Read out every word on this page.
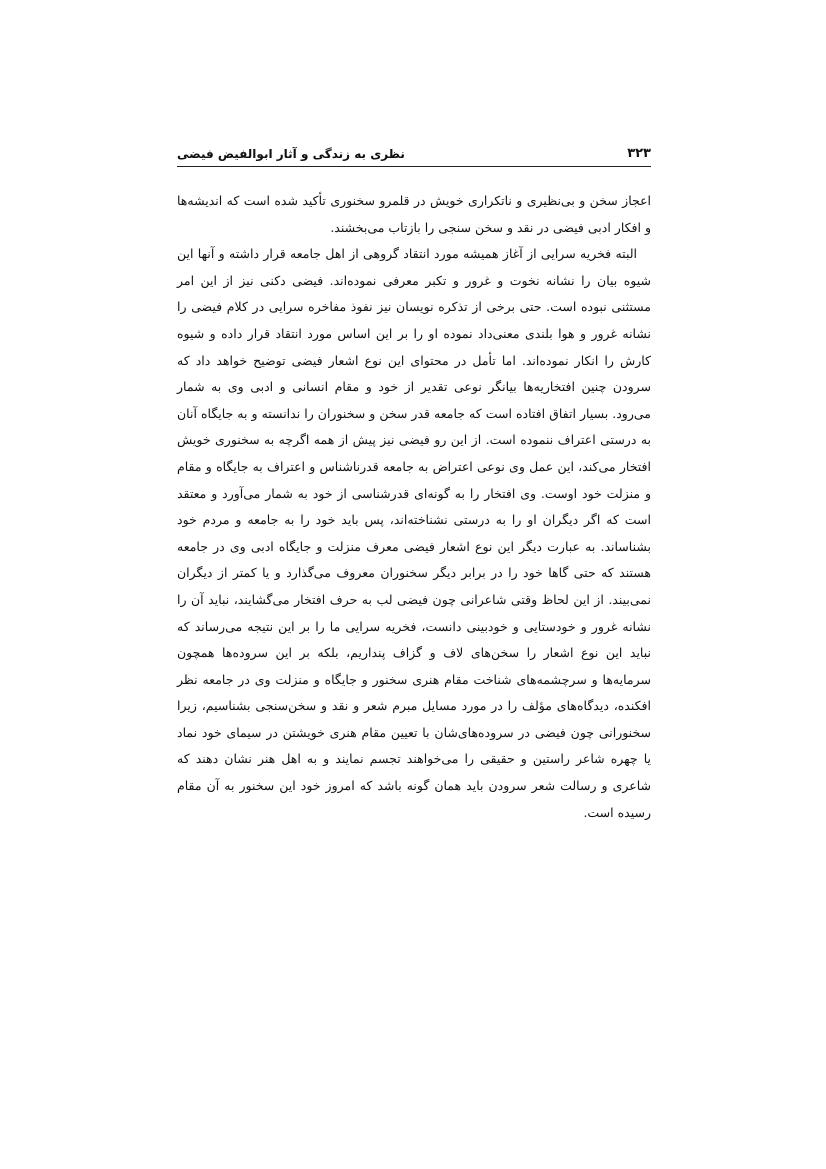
۳۲۳
نظری به زندگی و آثار ابوالفیض فیضی

اعجاز سخن و بی‌نظیری و ناتکراری خویش در قلمرو سخنوری تأکید شده است که اندیشه‌ها و افکار ادبی فیضی در نقد و سخن سنجی را بازتاب می‌بخشند.

البته فخریه سرایی از آغاز همیشه مورد انتقاد گروهی از اهل جامعه قرار داشته و آنها این شیوه بیان را نشانه نخوت و غرور و تکبر معرفی نموده‌اند. فیضی دکنی نیز از این امر مستثنی نبوده است. حتی برخی از تذکره نویسان نیز نفوذ مفاخره سرایی در کلام فیضی را نشانه غرور و هوا بلندی معنی‌داد نموده او را بر این اساس مورد انتقاد قرار داده و شیوه کارش را انکار نموده‌اند. اما تأمل در محتوای این نوع اشعار فیضی توضیح خواهد داد که سرودن چنین افتخاریه‌ها بیانگر نوعی تقدیر از خود و مقام انسانی و ادبی وی به شمار می‌رود. بسیار اتفاق افتاده است که جامعه قدر سخن و سخنوران را ندانسته و به جایگاه آنان به درستی اعتراف ننموده است. از این رو فیضی نیز پیش از همه اگرچه به سخنوری خویش افتخار می‌کند، این عمل وی نوعی اعتراض به جامعه قدرناشناس و اعتراف به جایگاه و مقام و منزلت خود اوست. وی افتخار را به گونه‌ای قدرشناسی از خود به شمار می‌آورد و معتقد است که اگر دیگران او را به درستی نشناخته‌اند، پس باید خود را به جامعه و مردم خود بشناساند. به عبارت دیگر این نوع اشعار فیضی معرف منزلت و جایگاه ادبی وی در جامعه هستند که حتی گاها خود را در برابر دیگر سخنوران معروف می‌گذارد و یا کمتر از دیگران نمی‌بیند. از این لحاظ وقتی شاعرانی چون فیضی لب به حرف افتخار می‌گشایند، نباید آن را نشانه غرور و خودستایی و خودبینی دانست، فخریه سرایی ما را بر این نتیجه می‌رساند که نباید این نوع اشعار را سخن‌های لاف و گزاف پنداریم، بلکه بر این سروده‌ها همچون سرمایه‌ها و سرچشمه‌های شناخت مقام هنری سخنور و جایگاه و منزلت وی در جامعه نظر افکنده، دیدگاه‌های مؤلف را در مورد مسایل مبرم شعر و نقد و سخن‌سنجی بشناسیم، زیرا سخنورانی چون فیضی در سروده‌های‌شان با تعیین مقام هنری خویشتن در سیمای خود نماد یا چهره شاعر راستین و حقیقی را می‌خواهند تجسم نمایند و به اهل هنر نشان دهند که شاعری و رسالت شعر سرودن باید همان گونه باشد که امروز خود این سخنور به آن مقام رسیده است.
